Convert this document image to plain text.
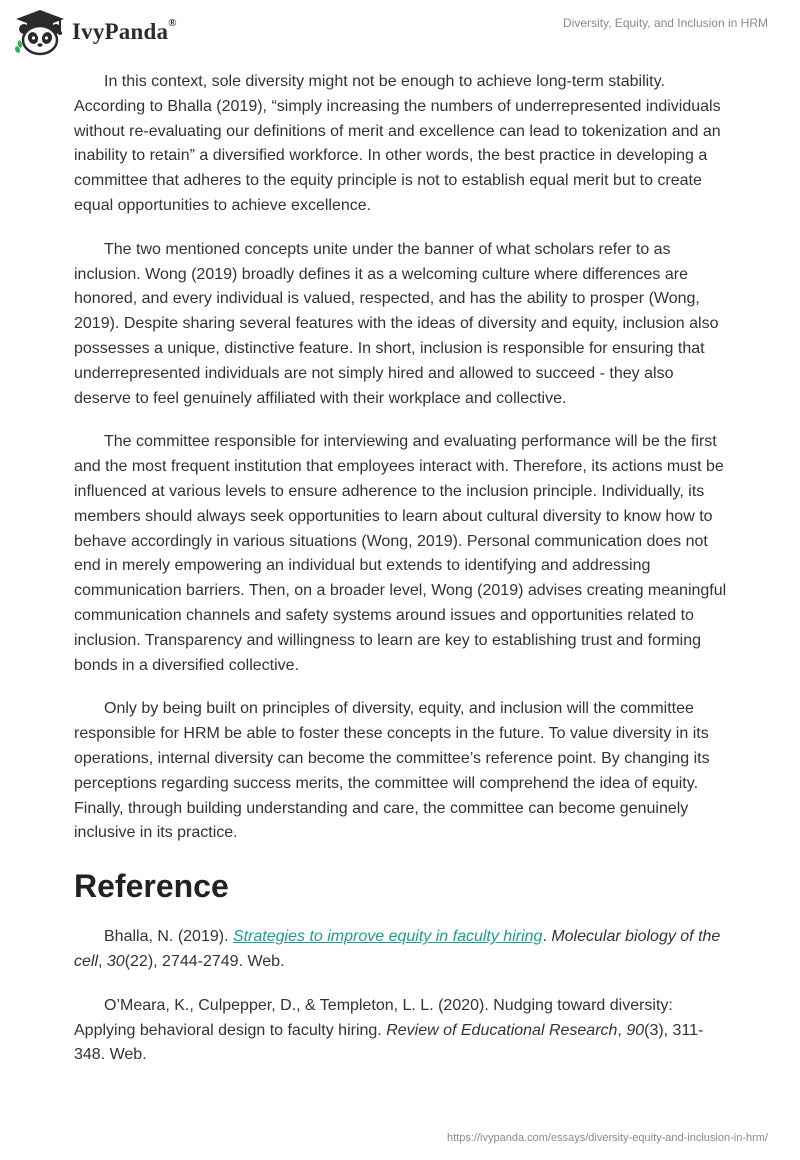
IvyPanda®	Diversity, Equity, and Inclusion in HRM

In this context, sole diversity might not be enough to achieve long-term stability. According to Bhalla (2019), “simply increasing the numbers of underrepresented individuals without re-evaluating our definitions of merit and excellence can lead to tokenization and an inability to retain” a diversified workforce. In other words, the best practice in developing a committee that adheres to the equity principle is not to establish equal merit but to create equal opportunities to achieve excellence.

The two mentioned concepts unite under the banner of what scholars refer to as inclusion. Wong (2019) broadly defines it as a welcoming culture where differences are honored, and every individual is valued, respected, and has the ability to prosper (Wong, 2019). Despite sharing several features with the ideas of diversity and equity, inclusion also possesses a unique, distinctive feature. In short, inclusion is responsible for ensuring that underrepresented individuals are not simply hired and allowed to succeed - they also deserve to feel genuinely affiliated with their workplace and collective.

The committee responsible for interviewing and evaluating performance will be the first and the most frequent institution that employees interact with. Therefore, its actions must be influenced at various levels to ensure adherence to the inclusion principle. Individually, its members should always seek opportunities to learn about cultural diversity to know how to behave accordingly in various situations (Wong, 2019). Personal communication does not end in merely empowering an individual but extends to identifying and addressing communication barriers. Then, on a broader level, Wong (2019) advises creating meaningful communication channels and safety systems around issues and opportunities related to inclusion. Transparency and willingness to learn are key to establishing trust and forming bonds in a diversified collective.

Only by being built on principles of diversity, equity, and inclusion will the committee responsible for HRM be able to foster these concepts in the future. To value diversity in its operations, internal diversity can become the committee’s reference point. By changing its perceptions regarding success merits, the committee will comprehend the idea of equity. Finally, through building understanding and care, the committee can become genuinely inclusive in its practice.

Reference

Bhalla, N. (2019). Strategies to improve equity in faculty hiring. Molecular biology of the cell, 30(22), 2744-2749. Web.

O’Meara, K., Culpepper, D., & Templeton, L. L. (2020). Nudging toward diversity: Applying behavioral design to faculty hiring. Review of Educational Research, 90(3), 311-348. Web.

https://ivypanda.com/essays/diversity-equity-and-inclusion-in-hrm/
